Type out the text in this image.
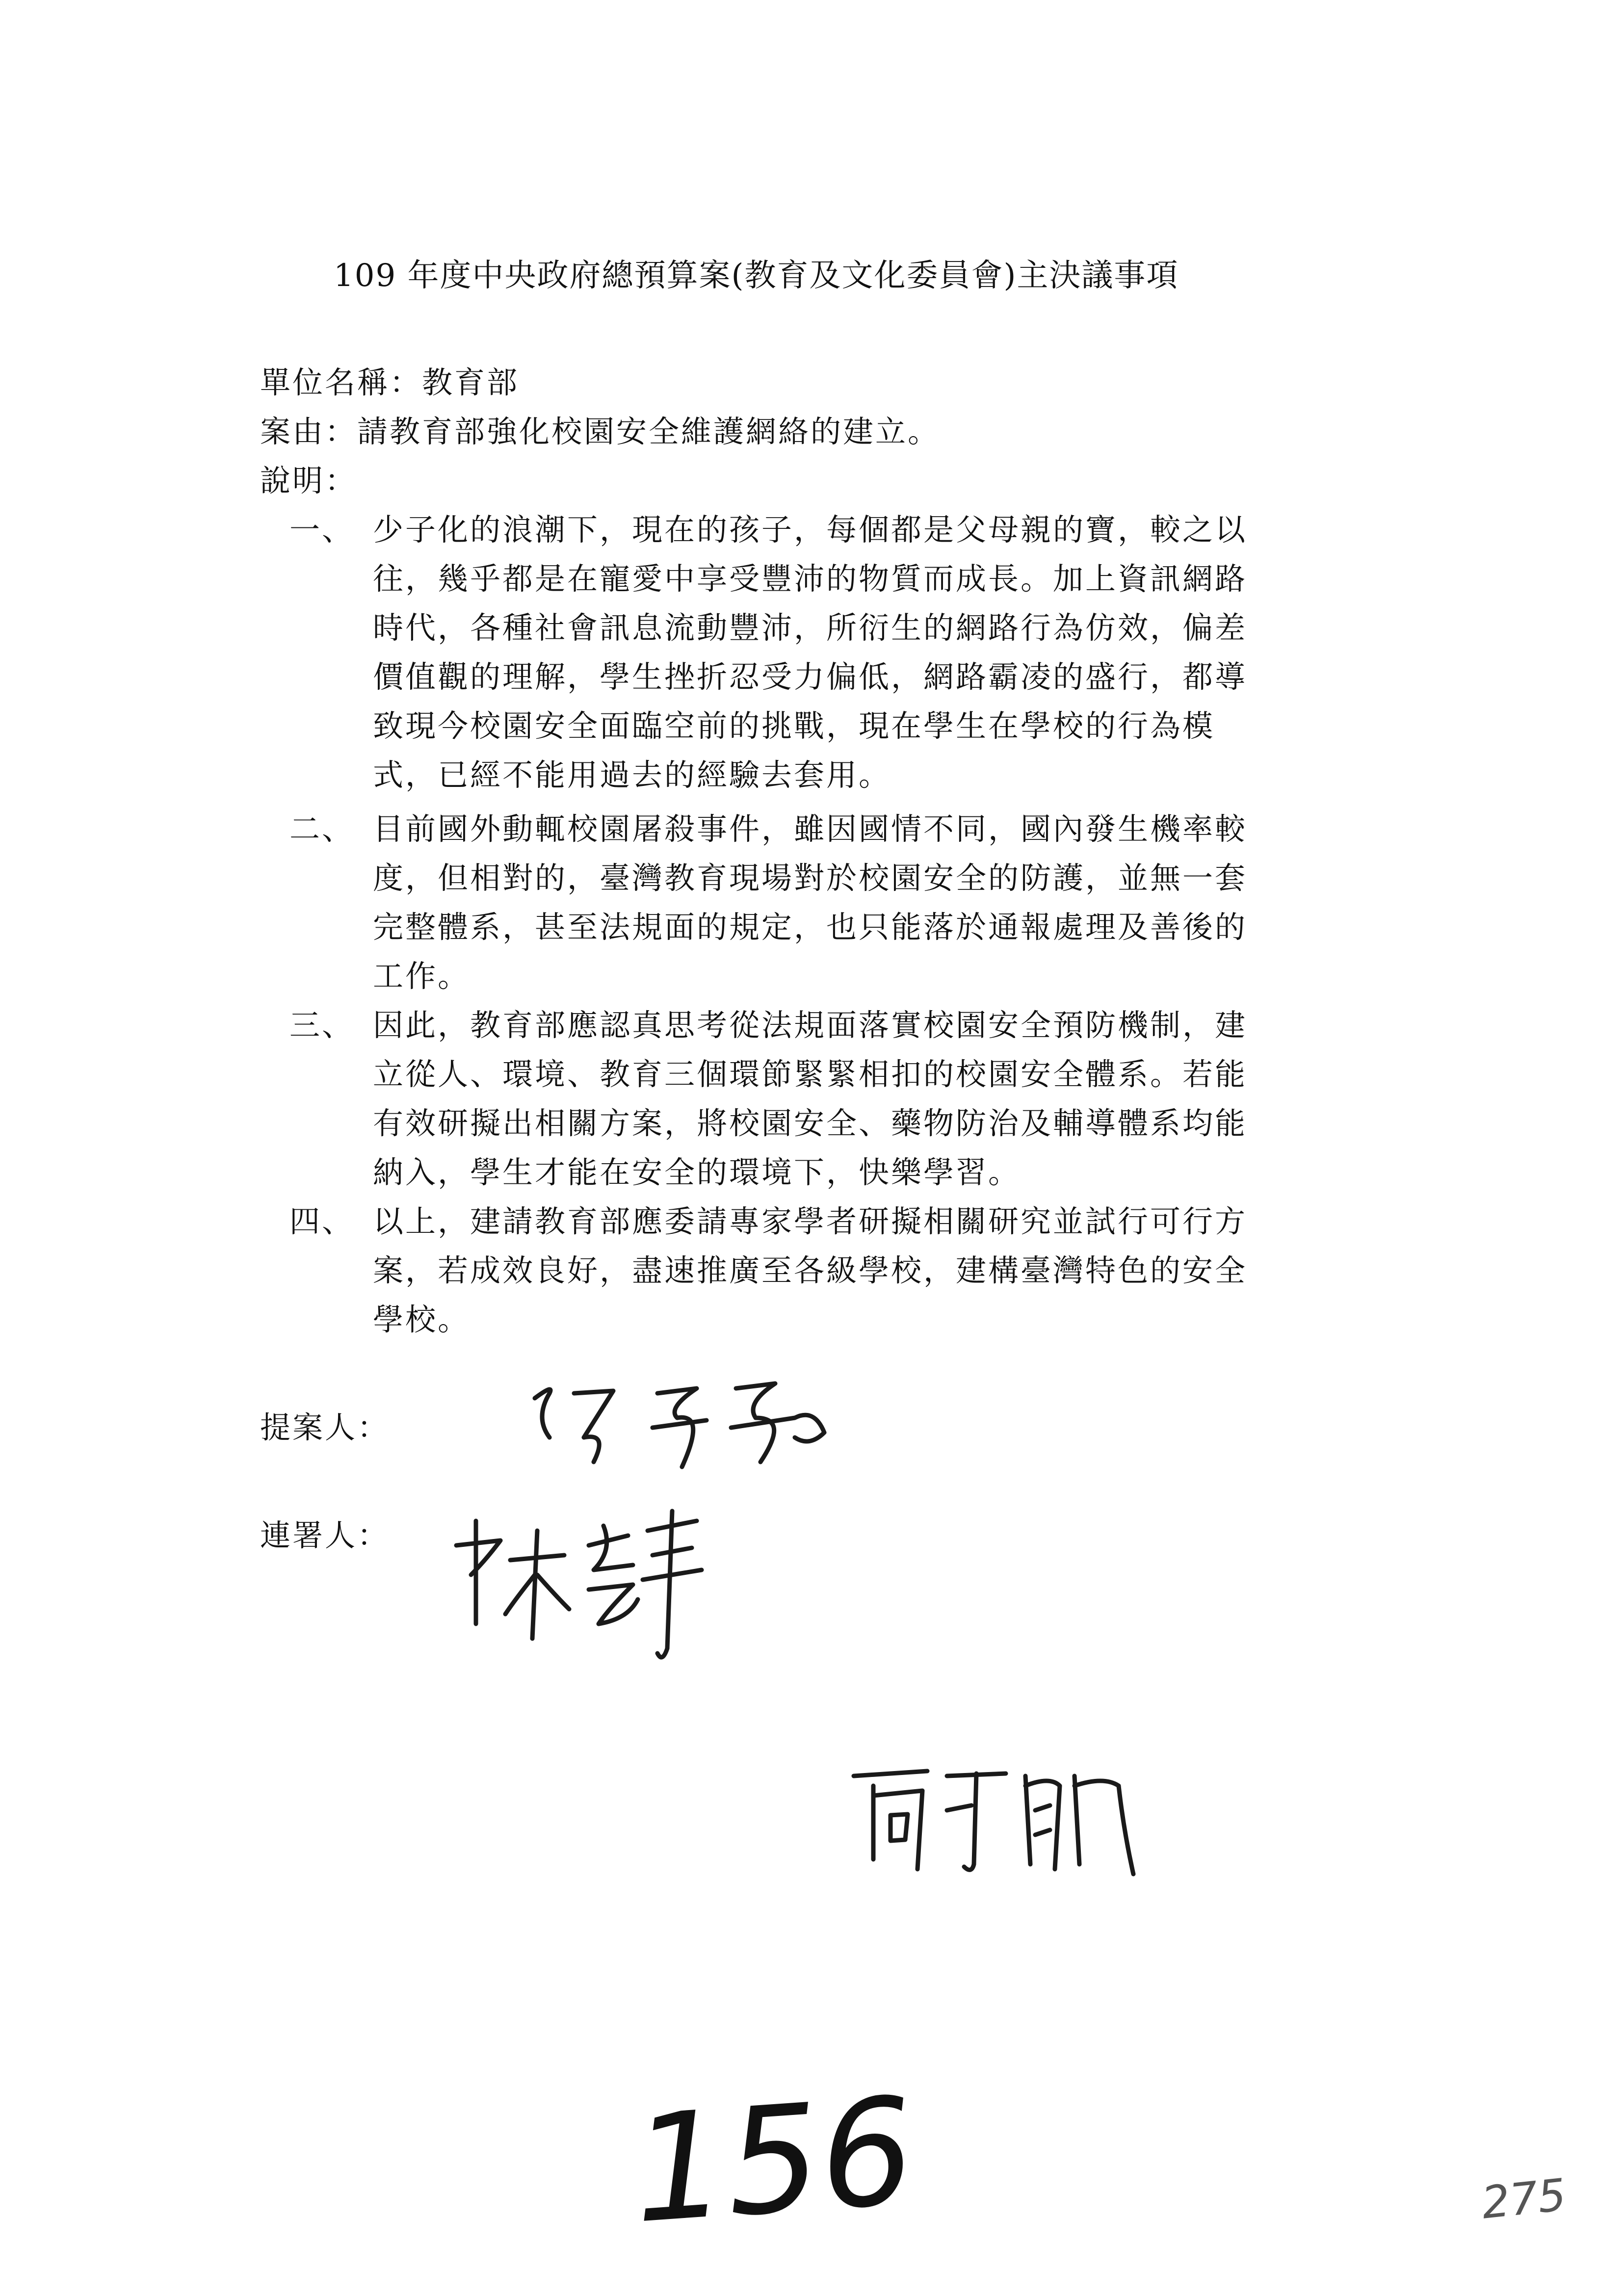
109 年度中央政府總預算案(教育及文化委員會)主決議事項
單位名稱：教育部
案由：請教育部強化校園安全維護網絡的建立。
說明：
一、 少子化的浪潮下，現在的孩子，每個都是父母親的寶，較之以
往，幾乎都是在寵愛中享受豐沛的物質而成長。加上資訊網路
時代，各種社會訊息流動豐沛，所衍生的網路行為仿效，偏差
價值觀的理解，學生挫折忍受力偏低，網路霸凌的盛行，都導
致現今校園安全面臨空前的挑戰，現在學生在學校的行為模
式，已經不能用過去的經驗去套用。
二、 目前國外動輒校園屠殺事件，雖因國情不同，國內發生機率較
度，但相對的，臺灣教育現場對於校園安全的防護，並無一套
完整體系，甚至法規面的規定，也只能落於通報處理及善後的
工作。
三、 因此，教育部應認真思考從法規面落實校園安全預防機制，建
立從人、環境、教育三個環節緊緊相扣的校園安全體系。若能
有效研擬出相關方案，將校園安全、藥物防治及輔導體系均能
納入，學生才能在安全的環境下，快樂學習。
四、 以上，建請教育部應委請專家學者研擬相關研究並試行可行方
案，若成效良好，盡速推廣至各級學校，建構臺灣特色的安全
學校。
提案人：
連署人：
156	275
